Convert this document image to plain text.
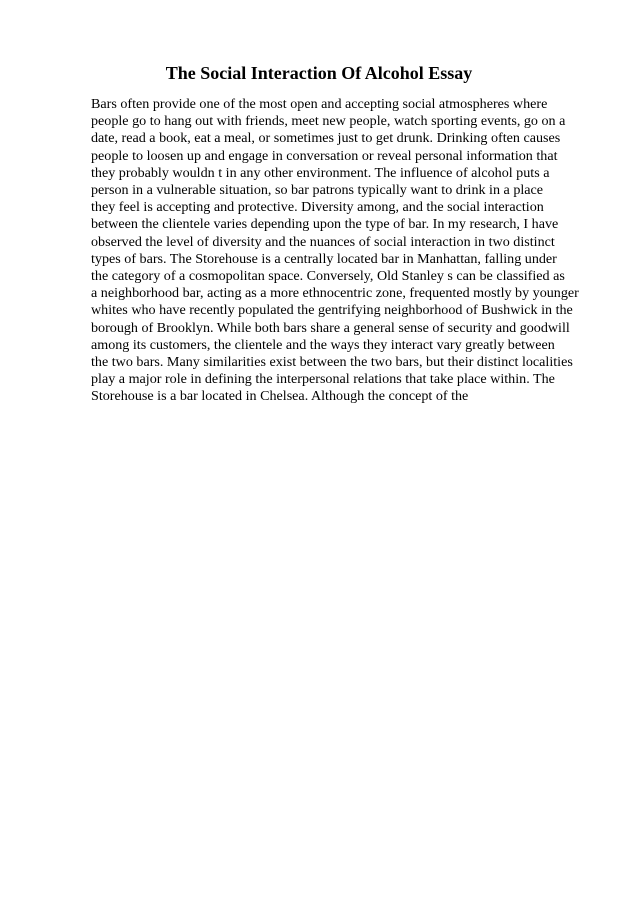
The Social Interaction Of Alcohol Essay
Bars often provide one of the most open and accepting social atmospheres where
people go to hang out with friends, meet new people, watch sporting events, go on a
date, read a book, eat a meal, or sometimes just to get drunk. Drinking often causes
people to loosen up and engage in conversation or reveal personal information that
they probably wouldn t in any other environment. The influence of alcohol puts a
person in a vulnerable situation, so bar patrons typically want to drink in a place
they feel is accepting and protective. Diversity among, and the social interaction
between the clientele varies depending upon the type of bar. In my research, I have
observed the level of diversity and the nuances of social interaction in two distinct
types of bars. The Storehouse is a centrally located bar in Manhattan, falling under
the category of a cosmopolitan space. Conversely, Old Stanley s can be classified as
a neighborhood bar, acting as a more ethnocentric zone, frequented mostly by younger
whites who have recently populated the gentrifying neighborhood of Bushwick in the
borough of Brooklyn. While both bars share a general sense of security and goodwill
among its customers, the clientele and the ways they interact vary greatly between
the two bars. Many similarities exist between the two bars, but their distinct localities
play a major role in defining the interpersonal relations that take place within. The
Storehouse is a bar located in Chelsea. Although the concept of the
